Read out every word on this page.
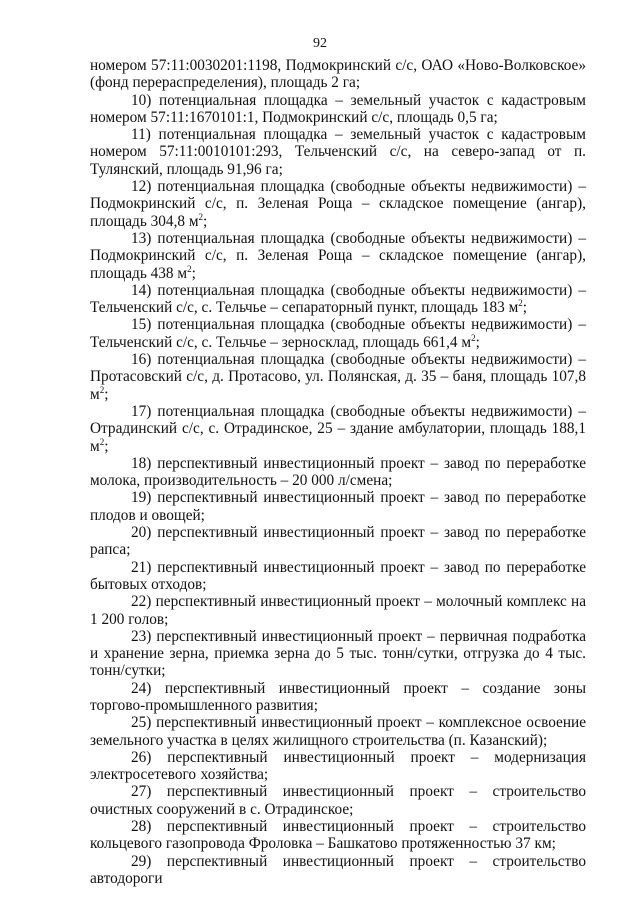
92

номером 57:11:0030201:1198, Подмокринский с/с, ОАО «Ново-Волковское» (фонд перераспределения), площадь 2 га;

10) потенциальная площадка – земельный участок с кадастровым номером 57:11:1670101:1, Подмокринский с/с, площадь 0,5 га;

11) потенциальная площадка – земельный участок с кадастровым номером 57:11:0010101:293, Тельченский с/с, на северо-запад от п. Тулянский, площадь 91,96 га;

12) потенциальная площадка (свободные объекты недвижимости) – Подмокринский с/с, п. Зеленая Роща – складское помещение (ангар), площадь 304,8 $м^2$;

13) потенциальная площадка (свободные объекты недвижимости) – Подмокринский с/с, п. Зеленая Роща – складское помещение (ангар), площадь 438 $м^2$;

14) потенциальная площадка (свободные объекты недвижимости) – Тельченский с/с, с. Тельчье – сепараторный пункт, площадь 183 $м^2$;

15) потенциальная площадка (свободные объекты недвижимости) – Тельченский с/с, с. Тельчье – зерносклад, площадь 661,4 $м^2$;

16) потенциальная площадка (свободные объекты недвижимости) – Протасовский с/с, д. Протасово, ул. Полянская, д. 35 – баня, площадь 107,8 $м^2$;

17) потенциальная площадка (свободные объекты недвижимости) – Отрадинский с/с, с. Отрадинское, 25 – здание амбулатории, площадь 188,1 $м^2$;

18) перспективный инвестиционный проект – завод по переработке молока, производительность – 20 000 л/смена;

19) перспективный инвестиционный проект – завод по переработке плодов и овощей;

20) перспективный инвестиционный проект – завод по переработке рапса;

21) перспективный инвестиционный проект – завод по переработке бытовых отходов;

22) перспективный инвестиционный проект – молочный комплекс на 1 200 голов;

23) перспективный инвестиционный проект – первичная подработка и хранение зерна, приемка зерна до 5 тыс. тонн/сутки, отгрузка до 4 тыс. тонн/сутки;

24) перспективный инвестиционный проект – создание зоны торгово-промышленного развития;

25) перспективный инвестиционный проект – комплексное освоение земельного участка в целях жилищного строительства (п. Казанский);

26) перспективный инвестиционный проект – модернизация электросетевого хозяйства;

27) перспективный инвестиционный проект – строительство очистных сооружений в с. Отрадинское;

28) перспективный инвестиционный проект – строительство кольцевого газопровода Фроловка – Башкатово протяженностью 37 км;

29) перспективный инвестиционный проект – строительство автодороги
